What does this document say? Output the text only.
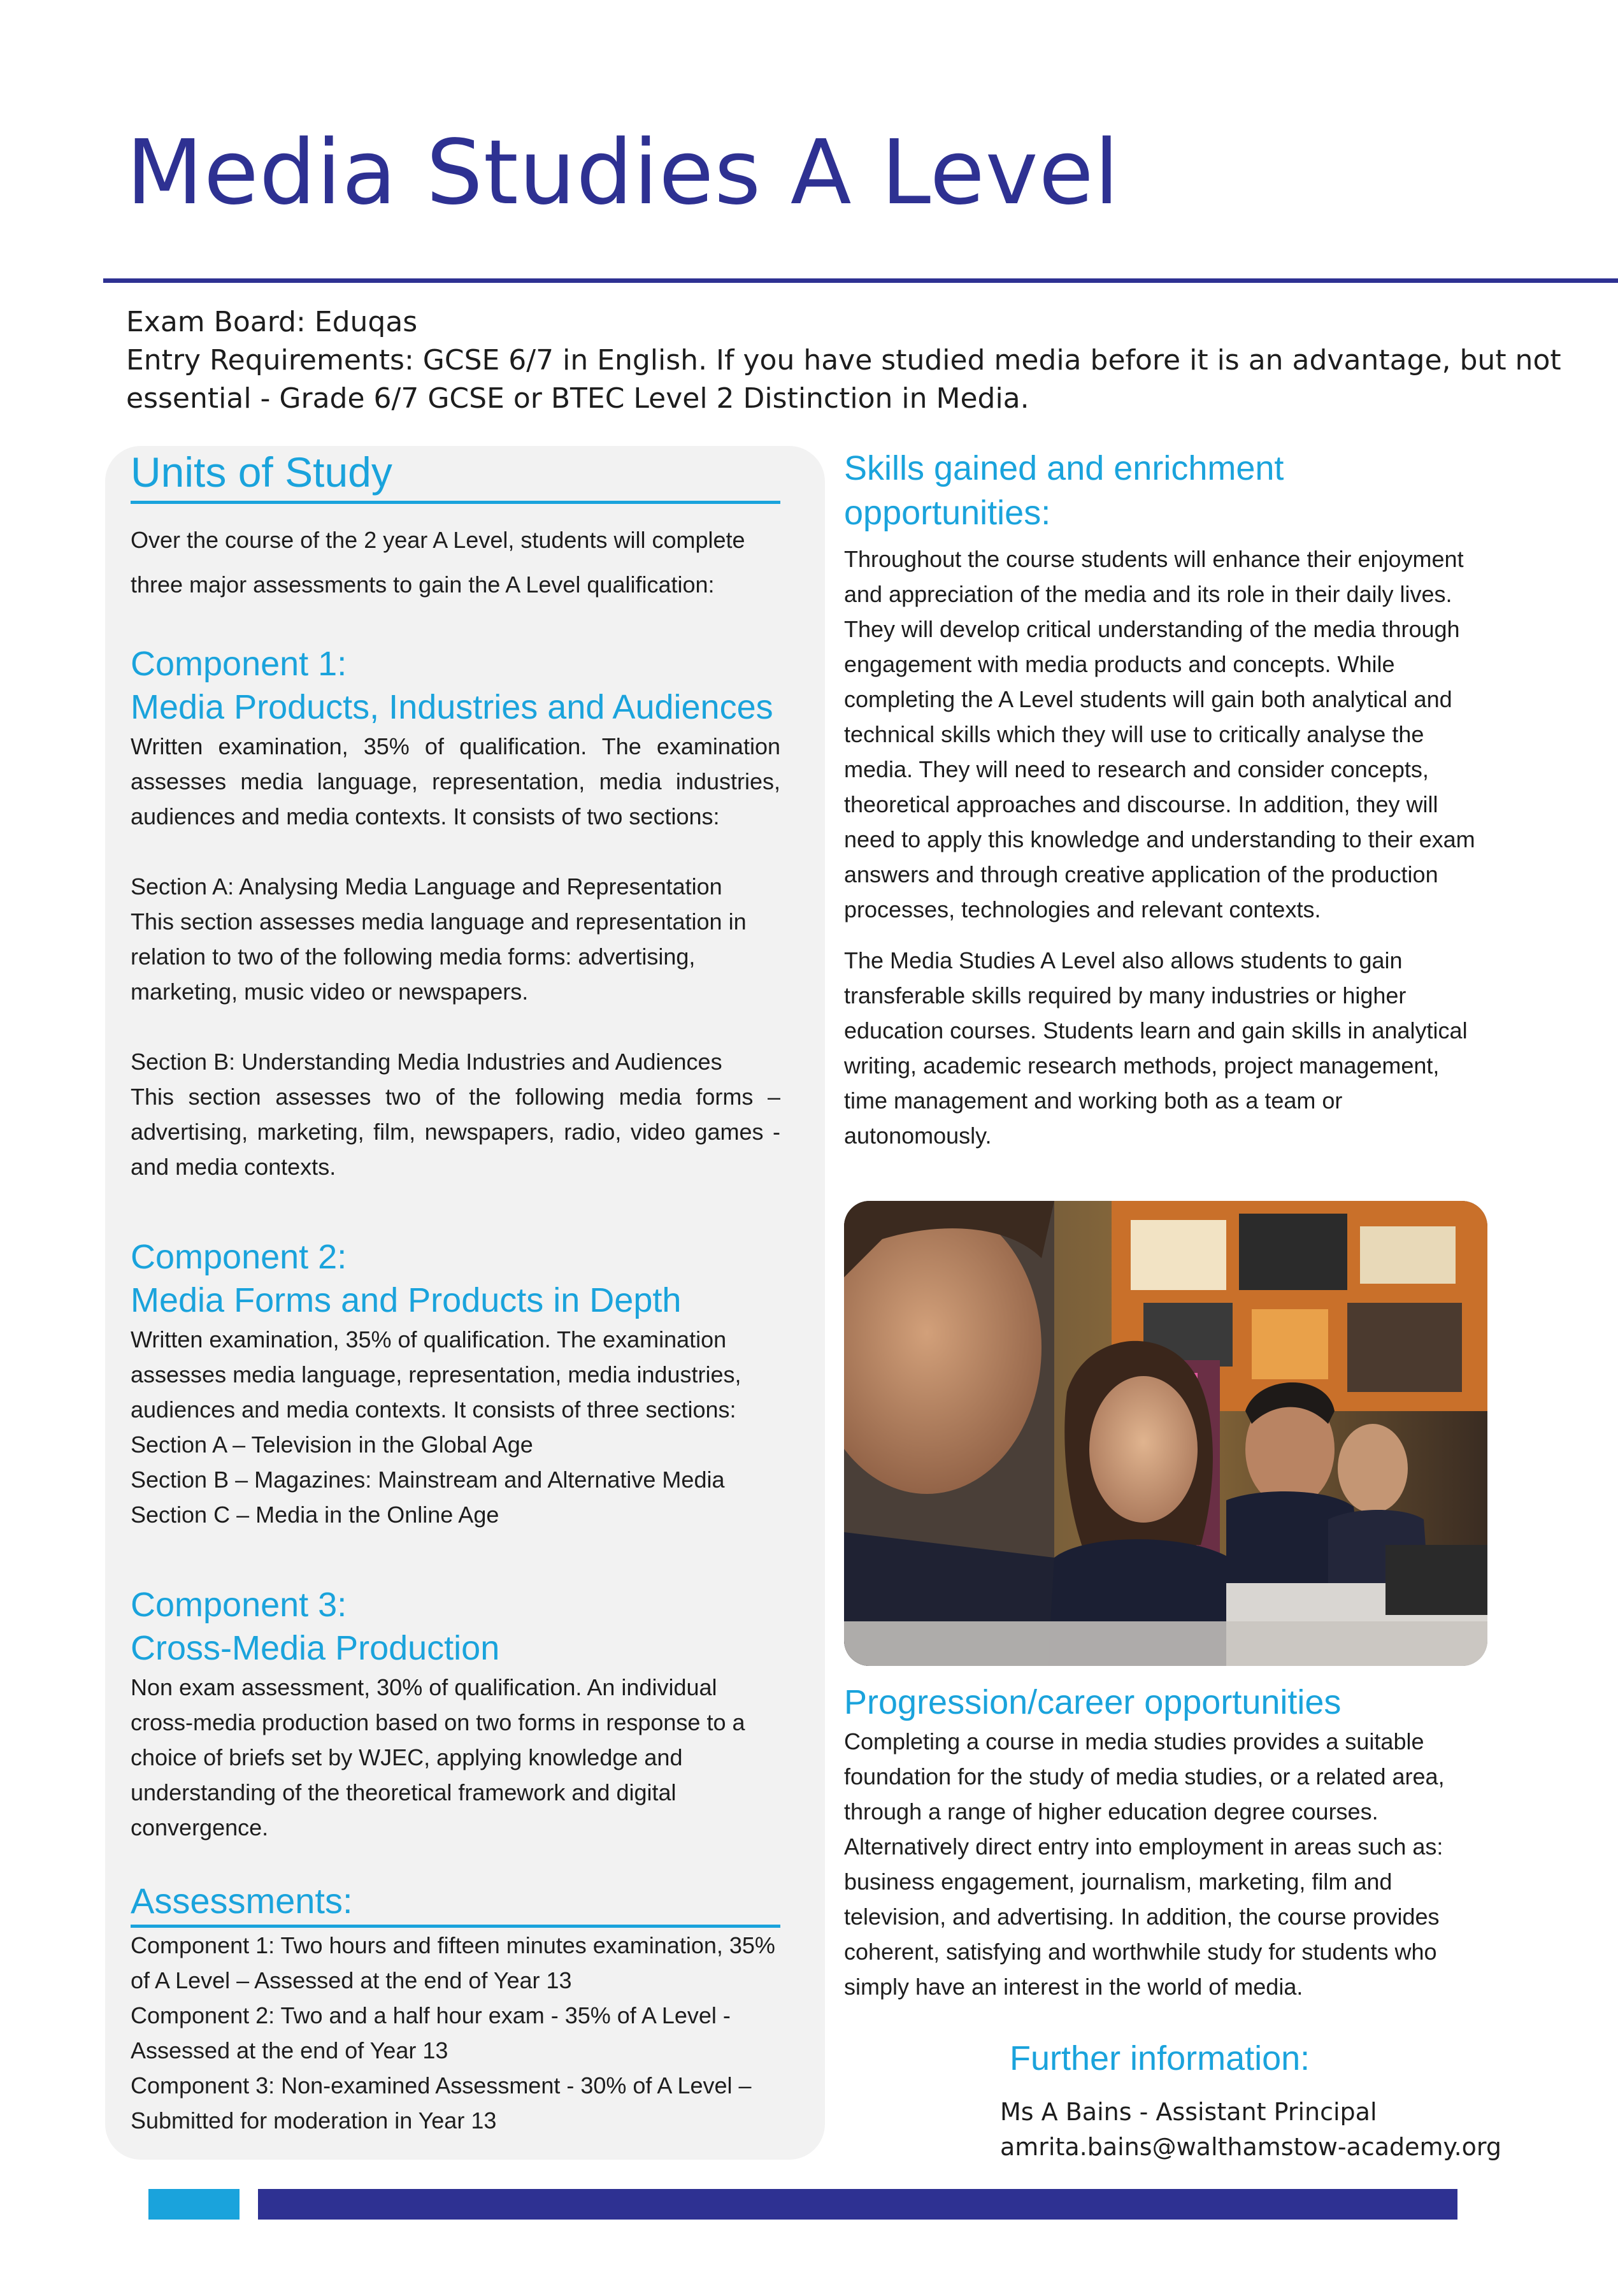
Media Studies A Level
Exam Board: Eduqas
Entry Requirements: GCSE 6/7 in English. If you have studied media before it is an advantage, but not
essential - Grade 6/7 GCSE or BTEC Level 2 Distinction in Media.
Units of Study

Over the course of the 2 year A Level, students will complete three major assessments to gain the A Level qualification:

Component 1:
Media Products, Industries and Audiences

Written examination, 35% of qualification. The examination assesses media language, representation, media industries, audiences and media contexts. It consists of two sections:

Section A: Analysing Media Language and Representation

This section assesses media language and representation in relation to two of the following media forms: advertising, marketing, music video or newspapers.

Section B: Understanding Media Industries and Audiences

This section assesses two of the following media forms – advertising, marketing, film, newspapers, radio, video games - and media contexts.

Component 2:
Media Forms and Products in Depth

Written examination, 35% of qualification. The examination assesses media language, representation, media industries, audiences and media contexts. It consists of three sections:

Section A – Television in the Global Age

Section B – Magazines: Mainstream and Alternative Media

Section C – Media in the Online Age

Component 3:
Cross-Media Production

Non exam assessment, 30% of qualification. An individual cross-media production based on two forms in response to a choice of briefs set by WJEC, applying knowledge and understanding of the theoretical framework and digital convergence.

Assessments:

Component 1: Two hours and fifteen minutes examination, 35% of A Level – Assessed at the end of Year 13

Component 2: Two and a half hour exam - 35% of A Level - Assessed at the end of Year 13

Component 3: Non-examined Assessment - 30% of A Level – Submitted for moderation in Year 13

Skills gained and enrichment opportunities:

Throughout the course students will enhance their enjoyment and appreciation of the media and its role in their daily lives. They will develop critical understanding of the media through engagement with media products and concepts. While completing the A Level students will gain both analytical and technical skills which they will use to critically analyse the media. They will need to research and consider concepts, theoretical approaches and discourse. In addition, they will need to apply this knowledge and understanding to their exam answers and through creative application of the production processes, technologies and relevant contexts.

The Media Studies A Level also allows students to gain transferable skills required by many industries or higher education courses. Students learn and gain skills in analytical writing, academic research methods, project management, time management and working both as a team or autonomously.

Progression/career opportunities

Completing a course in media studies provides a suitable foundation for the study of media studies, or a related area, through a range of higher education degree courses. Alternatively direct entry into employment in areas such as: business engagement, journalism, marketing, film and television, and advertising. In addition, the course provides coherent, satisfying and worthwhile study for students who simply have an interest in the world of media.

Further information:
Ms A Bains - Assistant Principal
amrita.bains@walthamstow-academy.org
